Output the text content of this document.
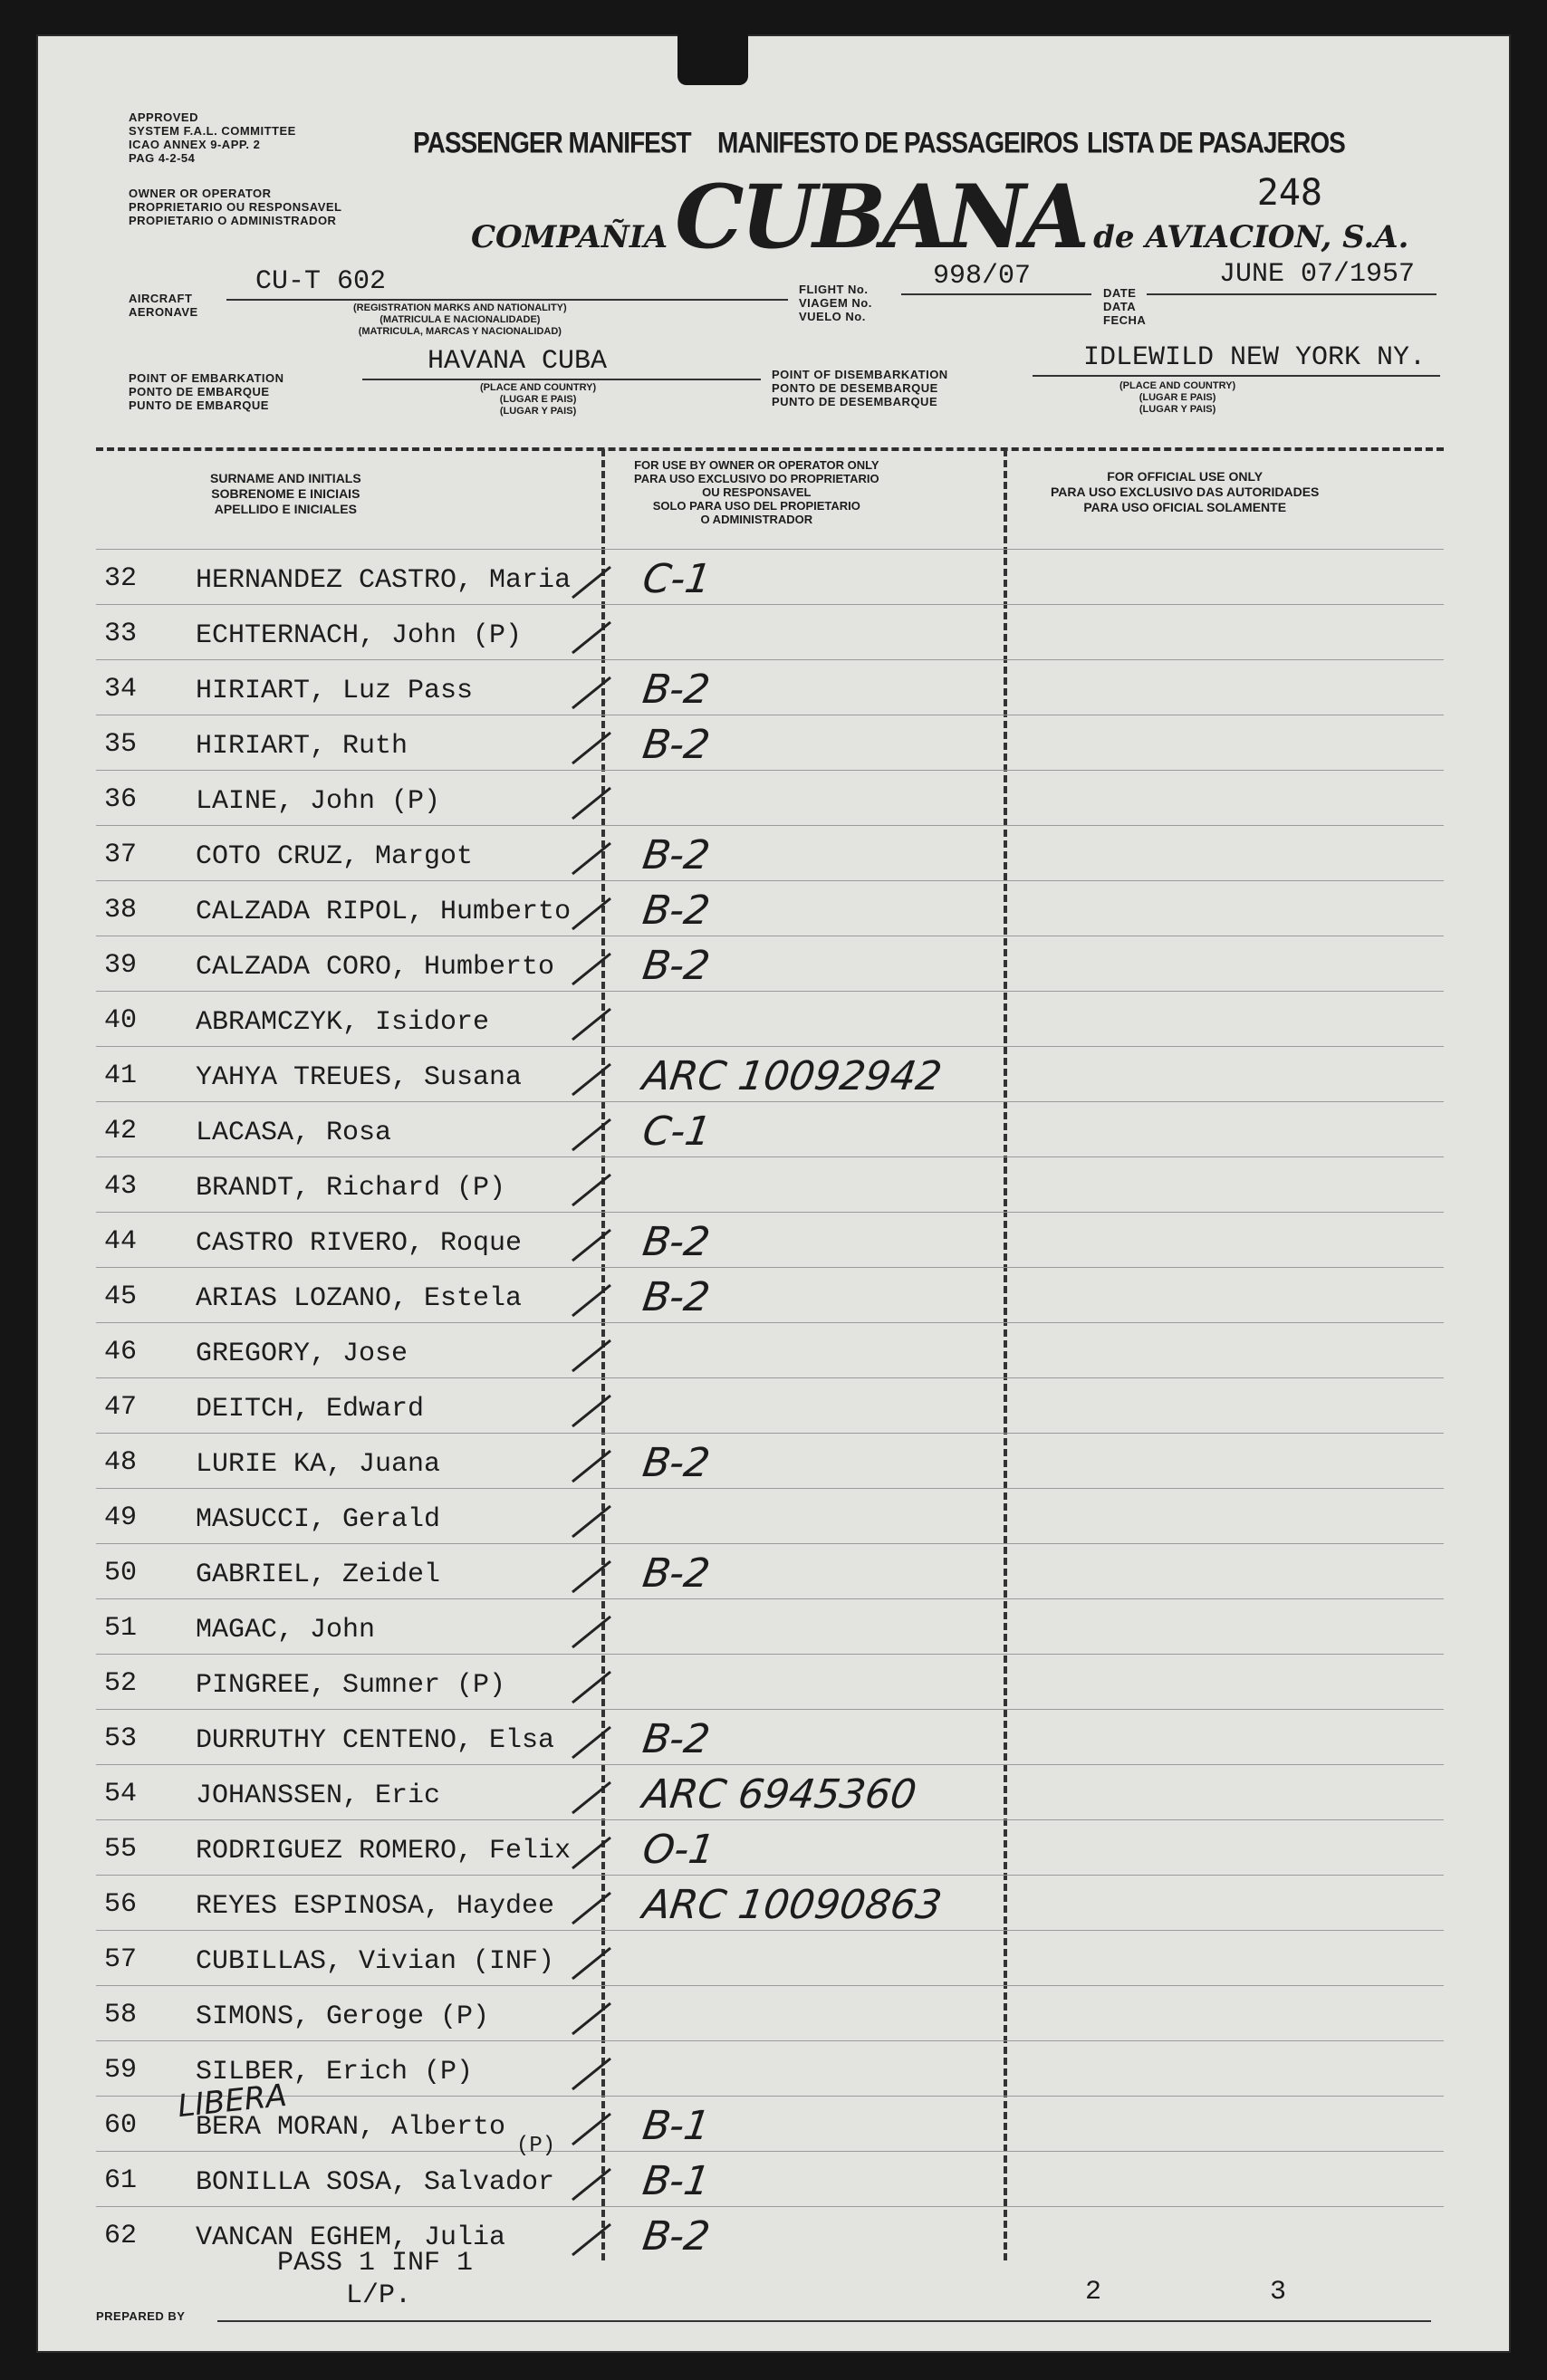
APPROVED
SYSTEM F.A.L. COMMITTEE
ICAO ANNEX 9-APP. 2
PAG 4-2-54
OWNER OR OPERATOR
PROPRIETARIO OU RESPONSAVEL
PROPIETARIO O ADMINISTRADOR
PASSENGER MANIFEST MANIFESTO DE PASSAGEIROS LISTA DE PASAJEROS
248
COMPAÑIA CUBANA de AVIACION, S.A.
AIRCRAFT
AERONAVE
CU-T 602
(REGISTRATION MARKS AND NATIONALITY)
(MATRICULA E NACIONALIDADE)
(MATRICULA, MARCAS Y NACIONALIDAD)
FLIGHT No.
VIAGEM No.
VUELO No.
998/07
DATE
DATA
FECHA
JUNE 07/1957
POINT OF EMBARKATION
PONTO DE EMBARQUE
PUNTO DE EMBARQUE
HAVANA CUBA
(PLACE AND COUNTRY)
(LUGAR E PAIS)
(LUGAR Y PAIS)
POINT OF DISEMBARKATION
PONTO DE DESEMBARQUE
PUNTO DE DESEMBARQUE
IDLEWILD NEW YORK NY.
(PLACE AND COUNTRY)
(LUGAR E PAIS)
(LUGAR Y PAIS)
SURNAME AND INITIALS
SOBRENOME E INICIAIS
APELLIDO E INICIALES
FOR USE BY OWNER OR OPERATOR ONLY
PARA USO EXCLUSIVO DO PROPRIETARIO
OU RESPONSAVEL
SOLO PARA USO DEL PROPIETARIO
O ADMINISTRADOR
FOR OFFICIAL USE ONLY
PARA USO EXCLUSIVO DAS AUTORIDADES
PARA USO OFICIAL SOLAMENTE
32 HERNANDEZ CASTRO, Maria C-1
33 ECHTERNACH, John (P)
34 HIRIART, Luz Pass	B-2
35 HIRIART, Ruth	B-2
36 LAINE, John (P)
37 COTO CRUZ, Margot	B-2
38 CALZADA RIPOL, Humberto B-2
39 CALZADA CORO, Humberto B-2
40 ABRAMCZYK, Isidore
41 YAHYA TREUES, Susana	ARC 10092942
42 LACASA, Rosa	C-1
43 BRANDT, Richard (P)
44 CASTRO RIVERO, Roque	B-2
45 ARIAS LOZANO, Estela	B-2
46 GREGORY, Jose
47 DEITCH, Edward
48 LURIE KA, Juana	B-2
49 MASUCCI, Gerald
50 GABRIEL, Zeidel	B-2
51 MAGAC, John
52 PINGREE, Sumner (P)
53 DURRUTHY CENTENO, Elsa B-2
54 JOHANSSEN, Eric	ARC 6945360
55 RODRIGUEZ ROMERO, Felix O-1
56 REYES ESPINOSA, Haydee ARC 10090863
57 CUBILLAS, Vivian (INF)
58 SIMONS, Geroge (P)
59 SILBER, Erich (P)
60 BERA MORAN, Alberto	B-1
61 BONILLA SOSA, Salvador B-1
62 VANCAN EGHEM, Julia	B-2
LIBERA
(P)
PASS 1 INF 1
L/P.
PREPARED BY
2	3
